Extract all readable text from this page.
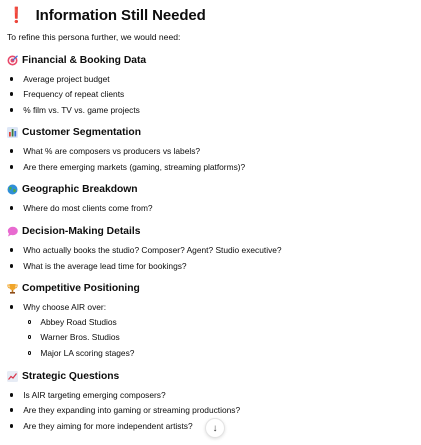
❗ Information Still Needed
To refine this persona further, we would need:
Financial & Booking Data
Average project budget
Frequency of repeat clients
% film vs. TV vs. game projects
Customer Segmentation
What % are composers vs producers vs labels?
Are there emerging markets (gaming, streaming platforms)?
Geographic Breakdown
Where do most clients come from?
Decision-Making Details
Who actually books the studio? Composer? Agent? Studio executive?
What is the average lead time for bookings?
Competitive Positioning
Why choose AIR over:
Abbey Road Studios
Warner Bros. Studios
Major LA scoring stages?
Strategic Questions
Is AIR targeting emerging composers?
Are they expanding into gaming or streaming productions?
Are they aiming for more independent artists? ↓
